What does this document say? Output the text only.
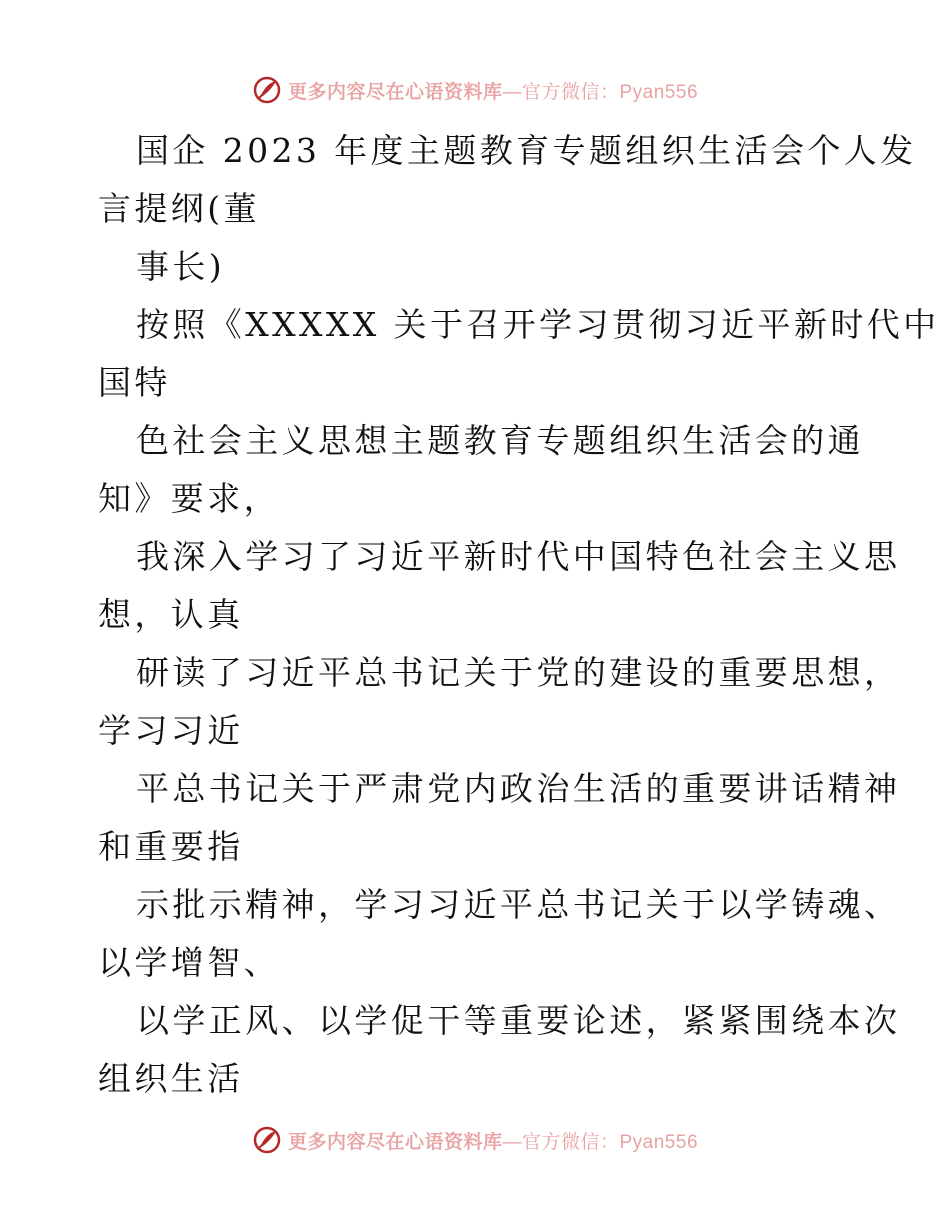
更多内容尽在心语资料库—官方微信：Pyan556
国企 2023 年度主题教育专题组织生活会个人发
言提纲(董
事长)
按照《XXXXX 关于召开学习贯彻习近平新时代中
国特
色社会主义思想主题教育专题组织生活会的通
知》要求，
我深入学习了习近平新时代中国特色社会主义思
想，认真
研读了习近平总书记关于党的建设的重要思想，
学习习近
平总书记关于严肃党内政治生活的重要讲话精神
和重要指
示批示精神，学习习近平总书记关于以学铸魂、
以学增智、
以学正风、以学促干等重要论述，紧紧围绕本次
组织生活
更多内容尽在心语资料库—官方微信：Pyan556
